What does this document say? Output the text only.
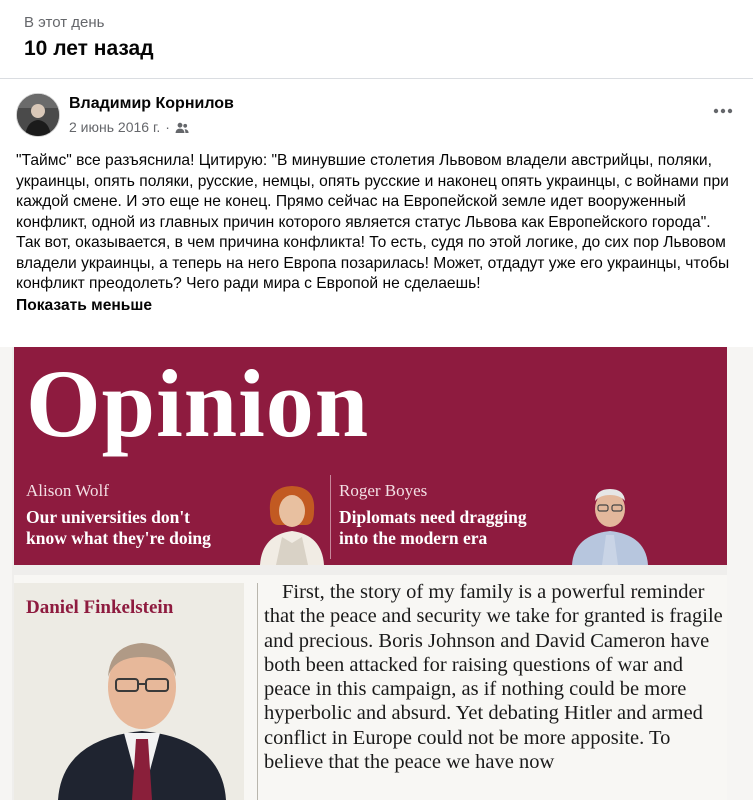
В этот день
10 лет назад
Владимир Корнилов
2 июнь 2016 г. ·

"Таймс" все разъяснила! Цитирую: "В минувшие столетия Львовом владели австрийцы, поляки, украинцы, опять поляки, русские, немцы, опять русские и наконец опять украинцы, с войнами при каждой смене. И это еще не конец. Прямо сейчас на Европейской земле идет вооруженный конфликт, одной из главных причин которого является статус Львова как Европейского города".

Так вот, оказывается, в чем причина конфликта! То есть, судя по этой логике, до сих пор Львовом владели украинцы, а теперь на него Европа позарилась! Может, отдадут уже его украинцы, чтобы конфликт преодолеть? Чего ради мира с Европой не сделаешь!

Показать меньше
Opinion
Alison Wolf
Our universities don't
know what they're doing
Roger Boyes
Diplomats need dragging
into the modern era
Daniel Finkelstein

First, the story of my family is a powerful reminder that the peace and security we take for granted is fragile and precious. Boris Johnson and David Cameron have both been attacked for raising questions of war and peace in this campaign, as if nothing could be more hyperbolic and absurd. Yet debating Hitler and armed conflict in Europe could not be more apposite. To believe that the peace we have now
